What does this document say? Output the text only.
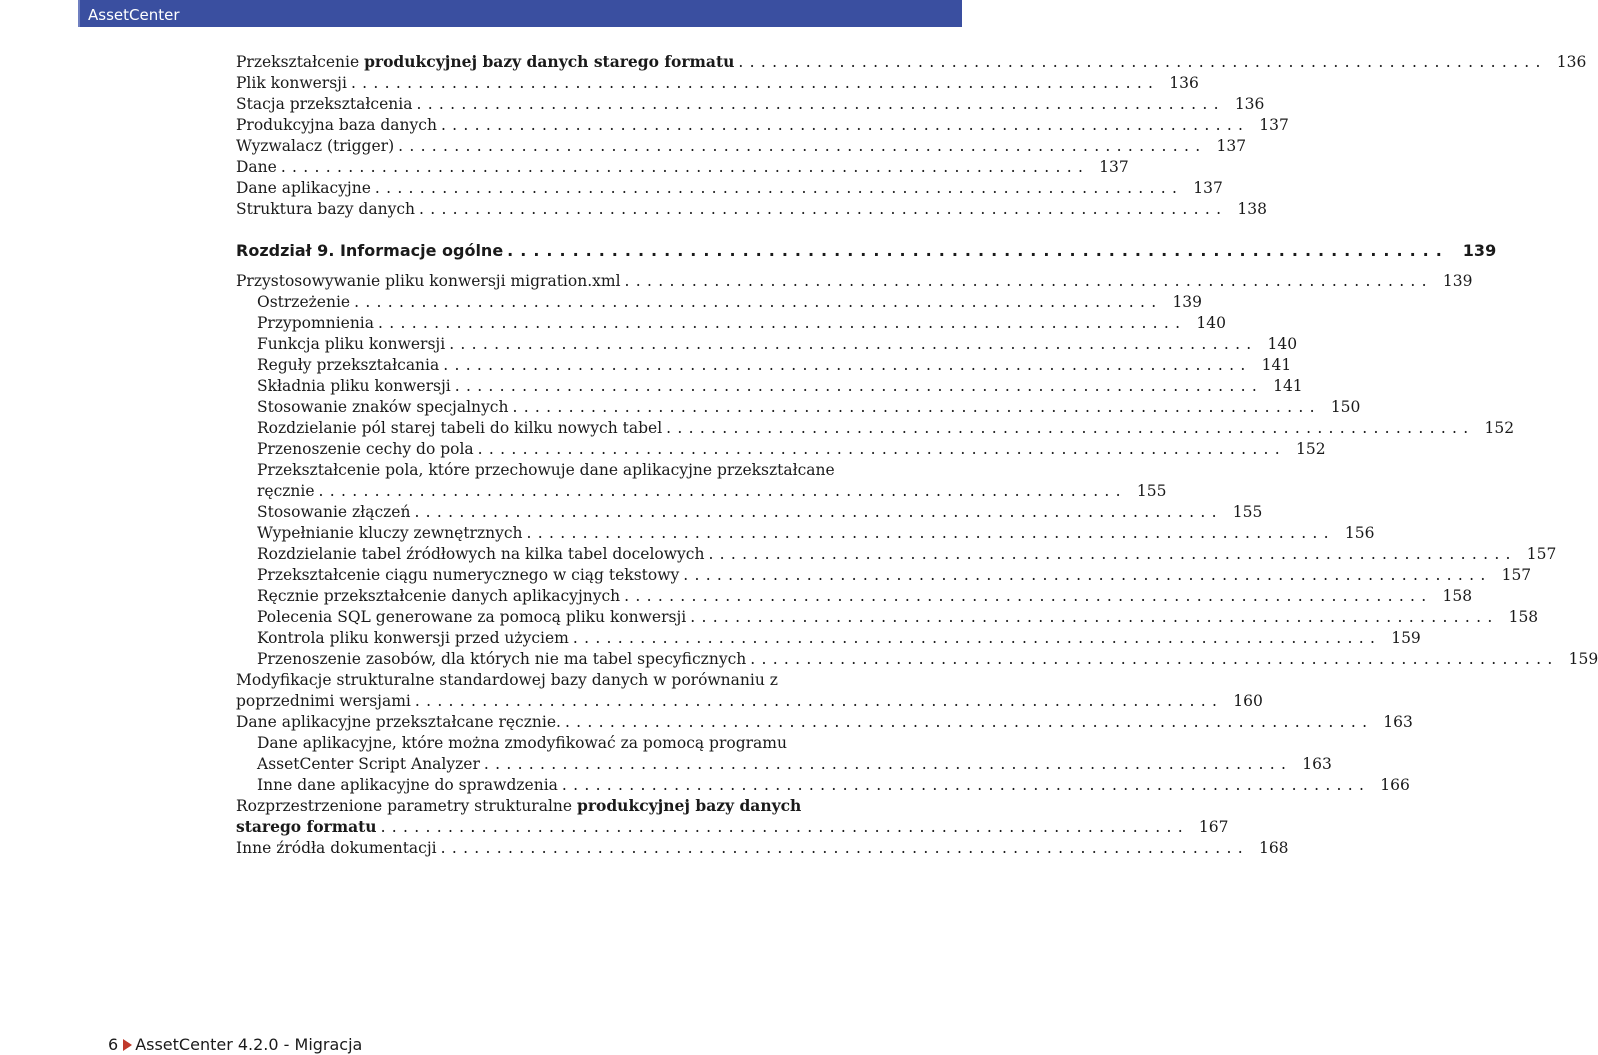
AssetCenter
Przekształcenie produkcyjnej bazy danych starego formatu ........................................................................ 136
Plik konwersji ........................................................................ 136
Stacja przekształcenia ........................................................................ 136
Produkcyjna baza danych ........................................................................ 137
Wyzwalacz (trigger) ........................................................................ 137
Dane ........................................................................ 137
Dane aplikacyjne ........................................................................ 137
Struktura bazy danych ........................................................................ 138
Rozdział 9. Informacje ogólne ........................................................................ 139
Przystosowywanie pliku konwersji migration.xml ........................................................................ 139
Ostrzeżenie ........................................................................ 139
Przypomnienia ........................................................................ 140
Funkcja pliku konwersji ........................................................................ 140
Reguły przekształcania ........................................................................ 141
Składnia pliku konwersji ........................................................................ 141
Stosowanie znaków specjalnych ........................................................................ 150
Rozdzielanie pól starej tabeli do kilku nowych tabel ........................................................................ 152
Przenoszenie cechy do pola ........................................................................ 152
Przekształcenie pola, które przechowuje dane aplikacyjne przekształcane
ręcznie ........................................................................ 155
Stosowanie złączeń ........................................................................ 155
Wypełnianie kluczy zewnętrznych ........................................................................ 156
Rozdzielanie tabel źródłowych na kilka tabel docelowych ........................................................................ 157
Przekształcenie ciągu numerycznego w ciąg tekstowy ........................................................................ 157
Ręcznie przekształcenie danych aplikacyjnych ........................................................................ 158
Polecenia SQL generowane za pomocą pliku konwersji ........................................................................ 158
Kontrola pliku konwersji przed użyciem ........................................................................ 159
Przenoszenie zasobów, dla których nie ma tabel specyficznych ........................................................................ 159
Modyfikacje strukturalne standardowej bazy danych w porównaniu z
poprzednimi wersjami ........................................................................ 160
Dane aplikacyjne przekształcane ręcznie. ........................................................................ 163
Dane aplikacyjne, które można zmodyfikować za pomocą programu
AssetCenter Script Analyzer ........................................................................ 163
Inne dane aplikacyjne do sprawdzenia ........................................................................ 166
Rozprzestrzenione parametry strukturalne produkcyjnej bazy danych
starego formatu ........................................................................ 167
Inne źródła dokumentacji ........................................................................ 168
6 AssetCenter 4.2.0 - Migracja
